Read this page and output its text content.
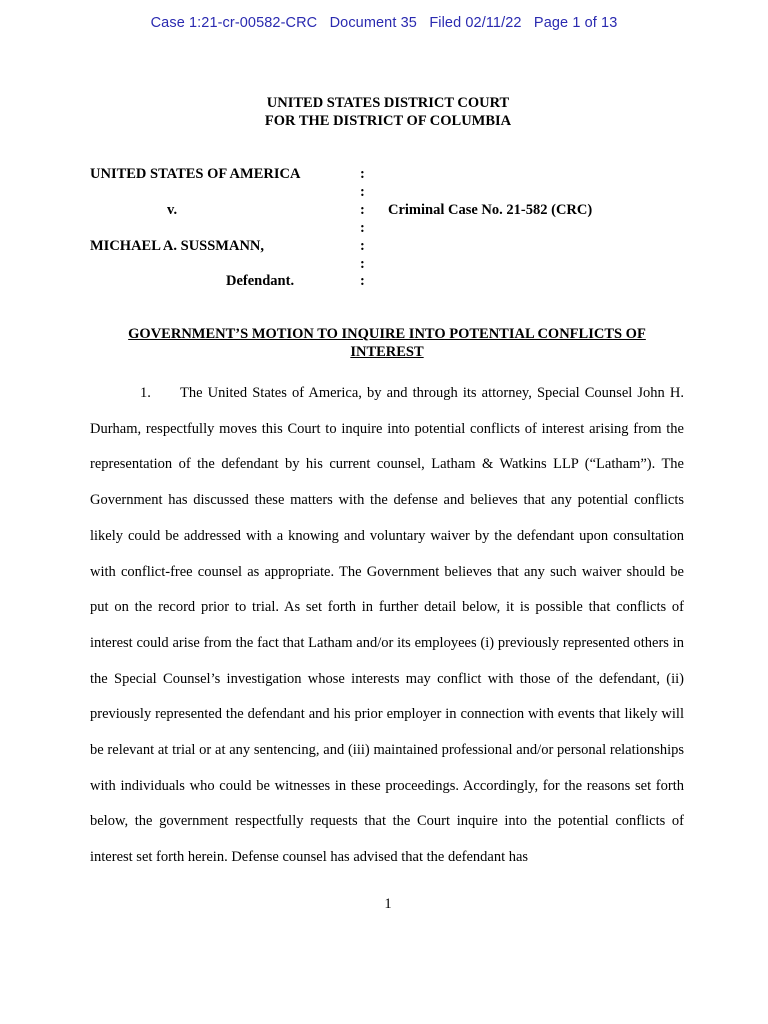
Case 1:21-cr-00582-CRC   Document 35   Filed 02/11/22   Page 1 of 13
UNITED STATES DISTRICT COURT
FOR THE DISTRICT OF COLUMBIA
UNITED STATES OF AMERICA
v.
MICHAEL A. SUSSMANN,
Defendant.
Criminal Case No. 21-582 (CRC)
:
:
:
:
:
:
:
GOVERNMENT’S MOTION TO INQUIRE INTO POTENTIAL CONFLICTS OF INTEREST
1. The United States of America, by and through its attorney, Special Counsel John H. Durham, respectfully moves this Court to inquire into potential conflicts of interest arising from the representation of the defendant by his current counsel, Latham & Watkins LLP (“Latham”). The Government has discussed these matters with the defense and believes that any potential conflicts likely could be addressed with a knowing and voluntary waiver by the defendant upon consultation with conflict-free counsel as appropriate. The Government believes that any such waiver should be put on the record prior to trial. As set forth in further detail below, it is possible that conflicts of interest could arise from the fact that Latham and/or its employees (i) previously represented others in the Special Counsel’s investigation whose interests may conflict with those of the defendant, (ii) previously represented the defendant and his prior employer in connection with events that likely will be relevant at trial or at any sentencing, and (iii) maintained professional and/or personal relationships with individuals who could be witnesses in these proceedings. Accordingly, for the reasons set forth below, the government respectfully requests that the Court inquire into the potential conflicts of interest set forth herein. Defense counsel has advised that the defendant has
1
